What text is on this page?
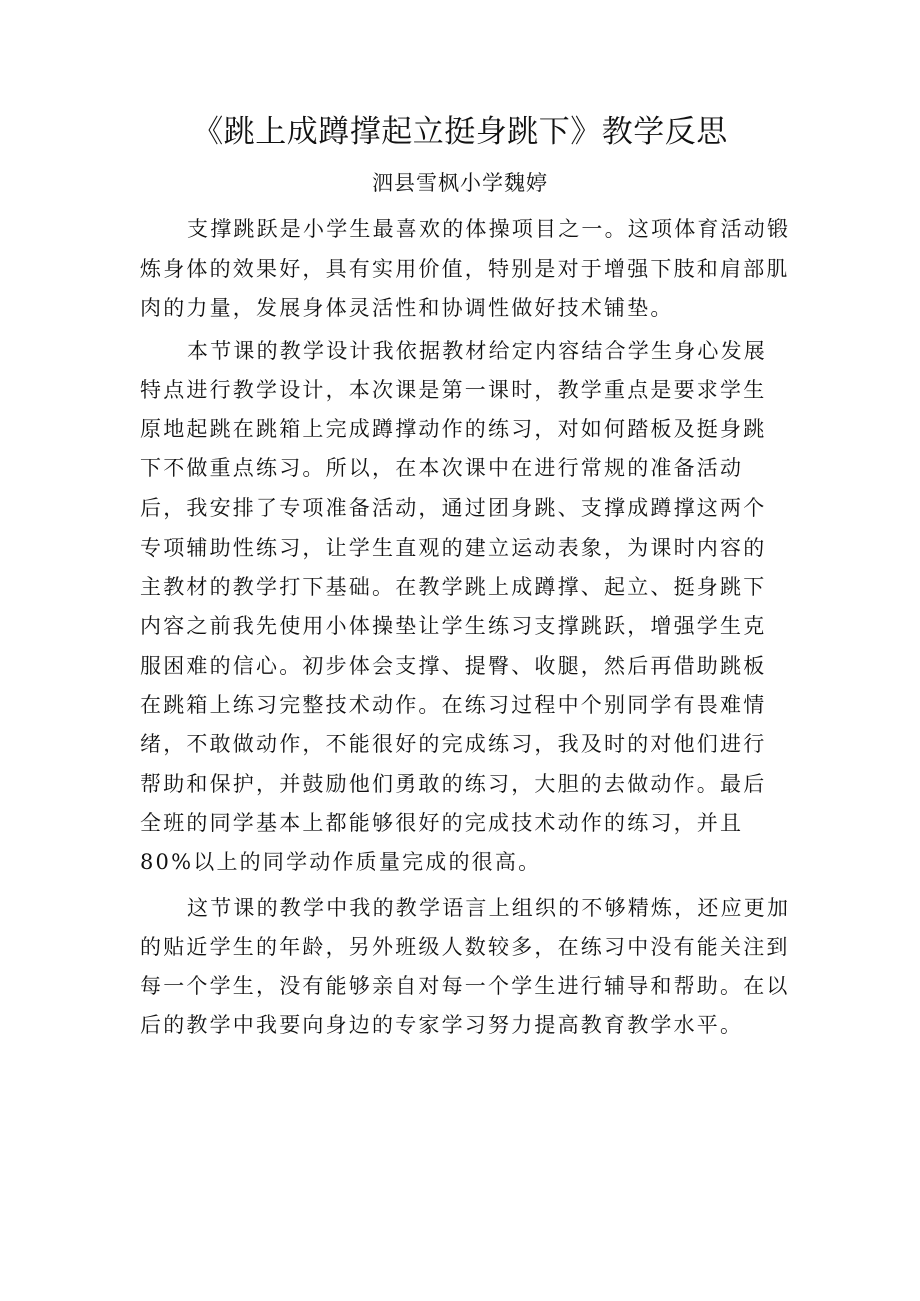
《跳上成蹲撑起立挺身跳下》教学反思
泗县雪枫小学魏婷
支撑跳跃是小学生最喜欢的体操项目之一。这项体育活动锻
炼身体的效果好，具有实用价值，特别是对于增强下肢和肩部肌
肉的力量，发展身体灵活性和协调性做好技术铺垫。
本节课的教学设计我依据教材给定内容结合学生身心发展
特点进行教学设计，本次课是第一课时，教学重点是要求学生
原地起跳在跳箱上完成蹲撑动作的练习，对如何踏板及挺身跳
下不做重点练习。所以，在本次课中在进行常规的准备活动
后，我安排了专项准备活动，通过团身跳、支撑成蹲撑这两个
专项辅助性练习，让学生直观的建立运动表象，为课时内容的
主教材的教学打下基础。在教学跳上成蹲撑、起立、挺身跳下
内容之前我先使用小体操垫让学生练习支撑跳跃，增强学生克
服困难的信心。初步体会支撑、提臀、收腿，然后再借助跳板
在跳箱上练习完整技术动作。在练习过程中个别同学有畏难情
绪，不敢做动作，不能很好的完成练习，我及时的对他们进行
帮助和保护，并鼓励他们勇敢的练习，大胆的去做动作。最后
全班的同学基本上都能够很好的完成技术动作的练习，并且
80%以上的同学动作质量完成的很高。
这节课的教学中我的教学语言上组织的不够精炼，还应更加
的贴近学生的年龄，另外班级人数较多，在练习中没有能关注到
每一个学生，没有能够亲自对每一个学生进行辅导和帮助。在以
后的教学中我要向身边的专家学习努力提高教育教学水平。
